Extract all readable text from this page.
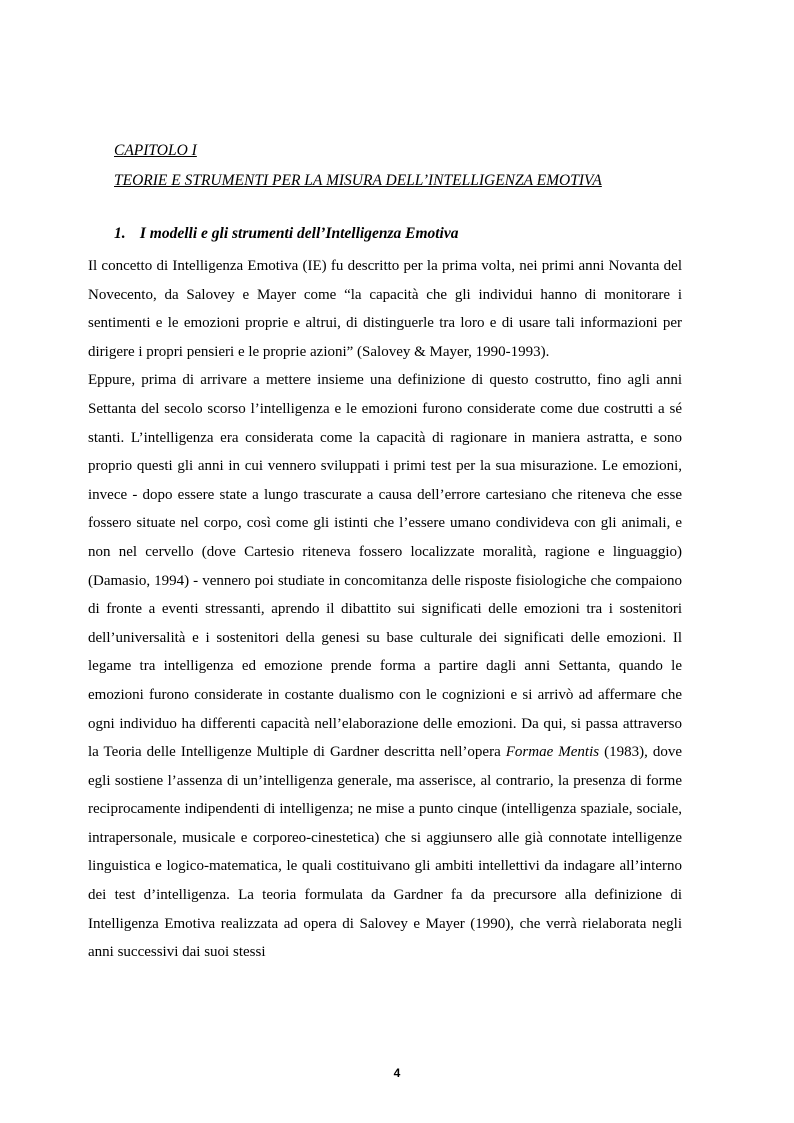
CAPITOLO I
TEORIE E STRUMENTI PER LA MISURA DELL’INTELLIGENZA EMOTIVA
1. I modelli e gli strumenti dell’Intelligenza Emotiva

Il concetto di Intelligenza Emotiva (IE) fu descritto per la prima volta, nei primi anni Novanta del Novecento, da Salovey e Mayer come “la capacità che gli individui hanno di monitorare i sentimenti e le emozioni proprie e altrui, di distinguerle tra loro e di usare tali informazioni per dirigere i propri pensieri e le proprie azioni” (Salovey & Mayer, 1990-1993).

Eppure, prima di arrivare a mettere insieme una definizione di questo costrutto, fino agli anni Settanta del secolo scorso l’intelligenza e le emozioni furono considerate come due costrutti a sé stanti. L’intelligenza era considerata come la capacità di ragionare in maniera astratta, e sono proprio questi gli anni in cui vennero sviluppati i primi test per la sua misurazione. Le emozioni, invece - dopo essere state a lungo trascurate a causa dell’errore cartesiano che riteneva che esse fossero situate nel corpo, così come gli istinti che l’essere umano condivideva con gli animali, e non nel cervello (dove Cartesio riteneva fossero localizzate moralità, ragione e linguaggio) (Damasio, 1994) - vennero poi studiate in concomitanza delle risposte fisiologiche che compaiono di fronte a eventi stressanti, aprendo il dibattito sui significati delle emozioni tra i sostenitori dell’universalità e i sostenitori della genesi su base culturale dei significati delle emozioni. Il legame tra intelligenza ed emozione prende forma a partire dagli anni Settanta, quando le emozioni furono considerate in costante dualismo con le cognizioni e si arrivò ad affermare che ogni individuo ha differenti capacità nell’elaborazione delle emozioni. Da qui, si passa attraverso la Teoria delle Intelligenze Multiple di Gardner descritta nell’opera Formae Mentis (1983), dove egli sostiene l’assenza di un’intelligenza generale, ma asserisce, al contrario, la presenza di forme reciprocamente indipendenti di intelligenza; ne mise a punto cinque (intelligenza spaziale, sociale, intrapersonale, musicale e corporeo-cinestetica) che si aggiunsero alle già connotate intelligenze linguistica e logico-matematica, le quali costituivano gli ambiti intellettivi da indagare all’interno dei test d’intelligenza. La teoria formulata da Gardner fa da precursore alla definizione di Intelligenza Emotiva realizzata ad opera di Salovey e Mayer (1990), che verrà rielaborata negli anni successivi dai suoi stessi

4
